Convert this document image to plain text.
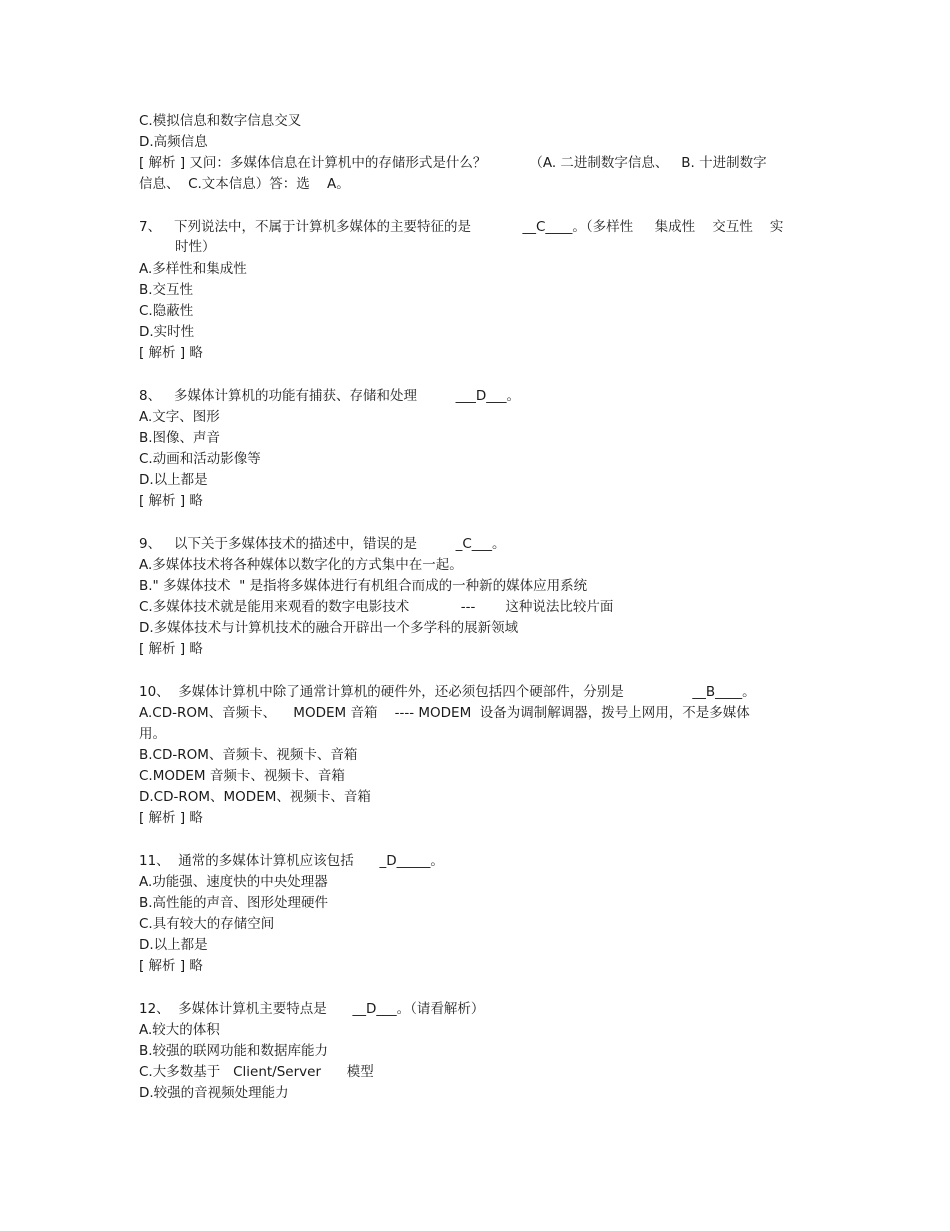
C.模拟信息和数字信息交叉
D.高频信息
[ 解析 ] 又问：多媒体信息在计算机中的存储形式是什么？          （A. 二进制数字信息、   B. 十进制数字
信息、  C.文本信息）答：选    A。
7、   下列说法中，不属于计算机多媒体的主要特征的是            __C____。（多样性     集成性    交互性    实
时性）
A.多样性和集成性
B.交互性
C.隐蔽性
D.实时性
[ 解析 ] 略
8、   多媒体计算机的功能有捕获、存储和处理         ___D___。
A.文字、图形
B.图像、声音
C.动画和活动影像等
D.以上都是
[ 解析 ] 略
9、   以下关于多媒体技术的描述中，错误的是         _C___。
A.多媒体技术将各种媒体以数字化的方式集中在一起。
B." 多媒体技术  " 是指将多媒体进行有机组合而成的一种新的媒体应用系统
C.多媒体技术就是能用来观看的数字电影技术            ---       这种说法比较片面
D.多媒体技术与计算机技术的融合开辟出一个多学科的展新领域
[ 解析 ] 略
10、  多媒体计算机中除了通常计算机的硬件外，还必须包括四个硬部件，分别是                __B____。
A.CD-ROM、音频卡、    MODEM 音箱    ---- MODEM  设备为调制解调器，拨号上网用，不是多媒体
用。
B.CD-ROM、音频卡、视频卡、音箱
C.MODEM 音频卡、视频卡、音箱
D.CD-ROM、MODEM、视频卡、音箱
[ 解析 ] 略
11、  通常的多媒体计算机应该包括      _D_____。
A.功能强、速度快的中央处理器
B.高性能的声音、图形处理硬件
C.具有较大的存储空间
D.以上都是
[ 解析 ] 略
12、  多媒体计算机主要特点是      __D___。（请看解析）
A.较大的体积
B.较强的联网功能和数据库能力
C.大多数基于   Client/Server      模型
D.较强的音视频处理能力
